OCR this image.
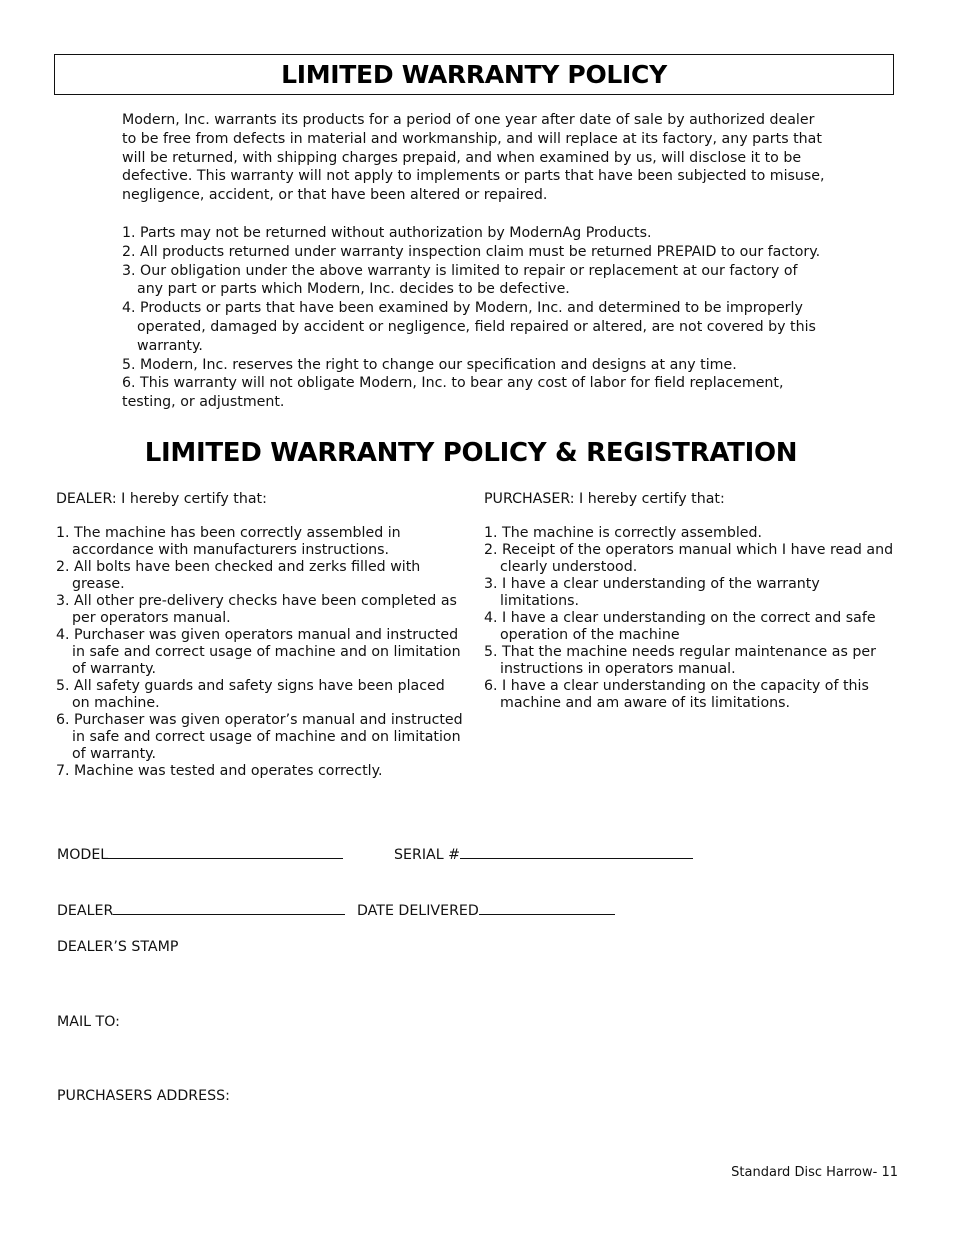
LIMITED WARRANTY POLICY

Modern, Inc. warrants its products for a period of one year after date of sale by authorized dealer to be free from defects in material and workmanship, and will replace at its factory, any parts that will be returned, with shipping charges prepaid, and when examined by us, will disclose it to be defective. This warranty will not apply to implements or parts that have been subjected to misuse, negligence, accident, or that have been altered or repaired.

1. Parts may not be returned without authorization by ModernAg Products.
2. All products returned under warranty inspection claim must be returned PREPAID to our factory.
3. Our obligation under the above warranty is limited to repair or replacement at our factory of any part or parts which Modern, Inc. decides to be defective.
4. Products or parts that have been examined by Modern, Inc. and determined to be improperly operated, damaged by accident or negligence, field repaired or altered, are not covered by this warranty.
5. Modern, Inc. reserves the right to change our specification and designs at any time.
6. This warranty will not obligate Modern, Inc. to bear any cost of labor for field replacement, testing, or adjustment.
LIMITED WARRANTY POLICY & REGISTRATION

DEALER: I hereby certify that:

1. The machine has been correctly assembled in accordance with manufacturers instructions.
2. All bolts have been checked and zerks filled with grease.
3. All other pre-delivery checks have been completed as per operators manual.
4. Purchaser was given operators manual and instructed in safe and correct usage of machine and on limitation of warranty.
5. All safety guards and safety signs have been placed on machine.
6. Purchaser was given operator’s manual and instructed in safe and correct usage of machine and on limitation of warranty.
7. Machine was tested and operates correctly.

PURCHASER: I hereby certify that:

1. The machine is correctly assembled.
2. Receipt of the operators manual which I have read and clearly understood.
3. I have a clear understanding of the warranty limitations.
4. I have a clear understanding on the correct and safe operation of the machine
5. That the machine needs regular maintenance as per instructions in operators manual.
6. I have a clear understanding on the capacity of this machine and am aware of its limitations.
MODEL	SERIAL #
DEALER	DATE DELIVERED
DEALER’S STAMP
MAIL TO:
PURCHASERS ADDRESS:
Standard Disc Harrow- 11
